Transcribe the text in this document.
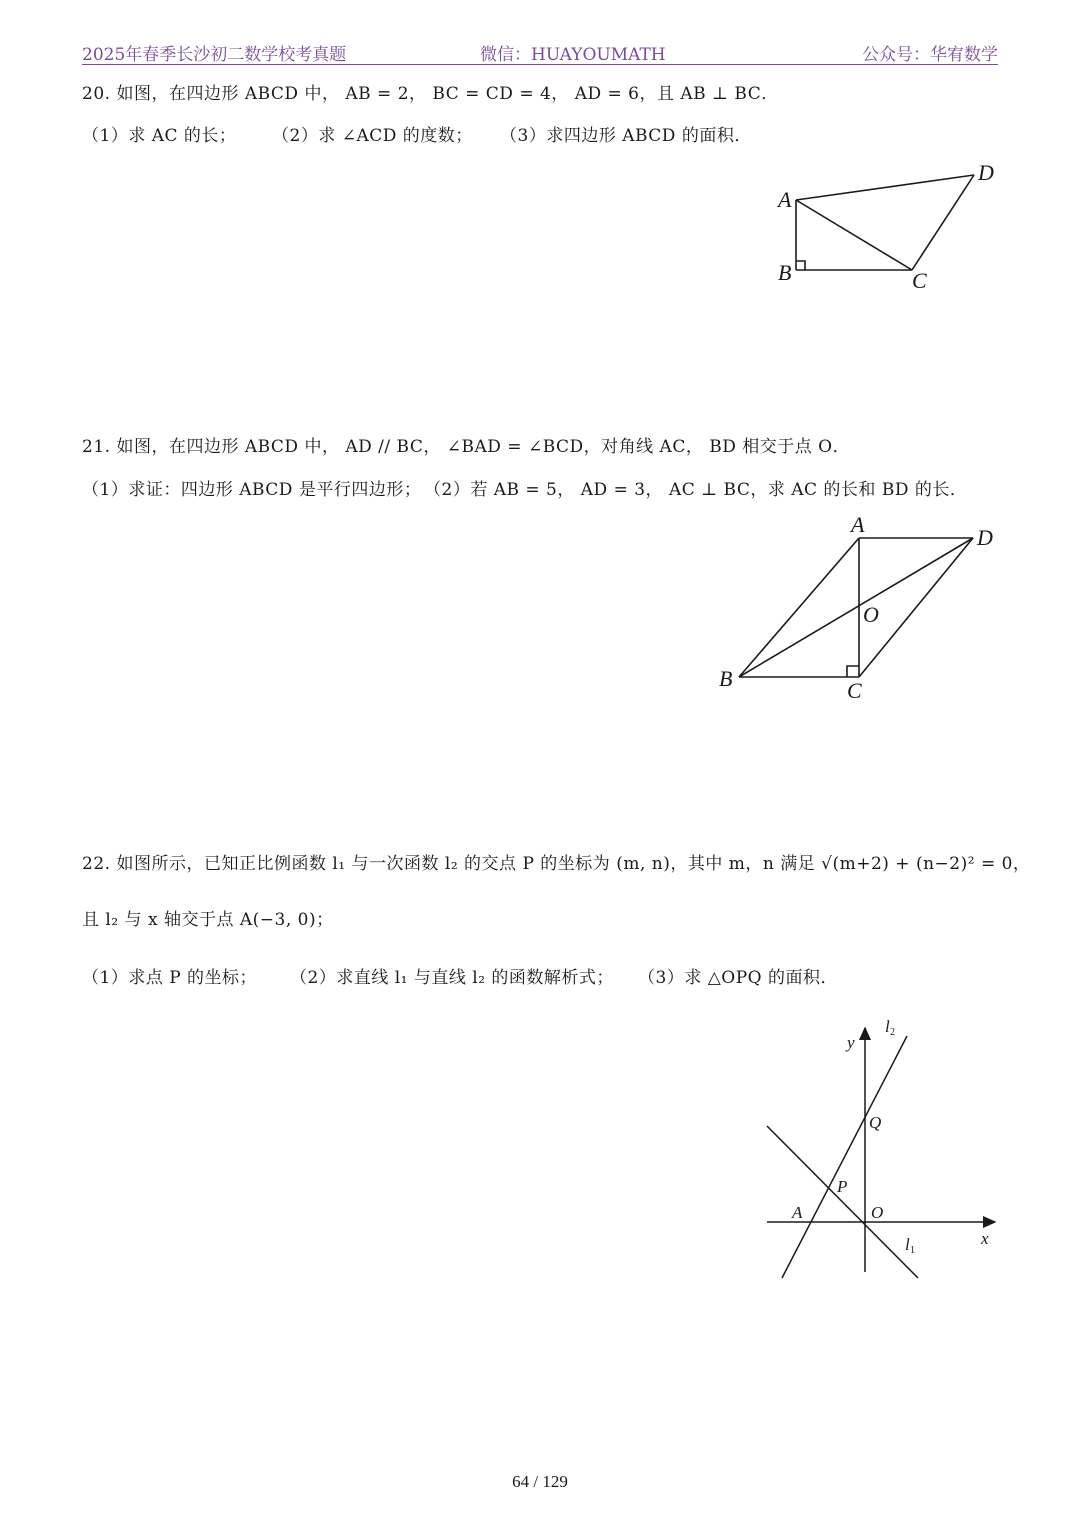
2025年春季长沙初二数学校考真题	微信：HUAYOUMATH	公众号：华宥数学
20. 如图，在四边形 ABCD 中， AB = 2， BC = CD = 4， AD = 6，且 AB ⊥ BC．
（1）求 AC 的长； （2）求 ∠ACD 的度数； （3）求四边形 ABCD 的面积．
A
B	C
D
21. 如图，在四边形 ABCD 中， AD // BC， ∠BAD = ∠BCD，对角线 AC， BD 相交于点 O．
（1）求证：四边形 ABCD 是平行四边形； （2）若 AB = 5， AD = 3， AC ⊥ BC，求 AC 的长和 BD 的长．
A
B	C
D
O
22. 如图所示，已知正比例函数 l₁ 与一次函数 l₂ 的交点 P 的坐标为 (m, n)，其中 m，n 满足 √(m+2) + (n−2)² = 0，
且 l₂ 与 x 轴交于点 A(−3, 0)；
（1）求点 P 的坐标； （2）求直线 l₁ 与直线 l₂ 的函数解析式； （3）求 △OPQ 的面积．
y
x
Q
P
A	O
l 2
l 1
64 / 129
